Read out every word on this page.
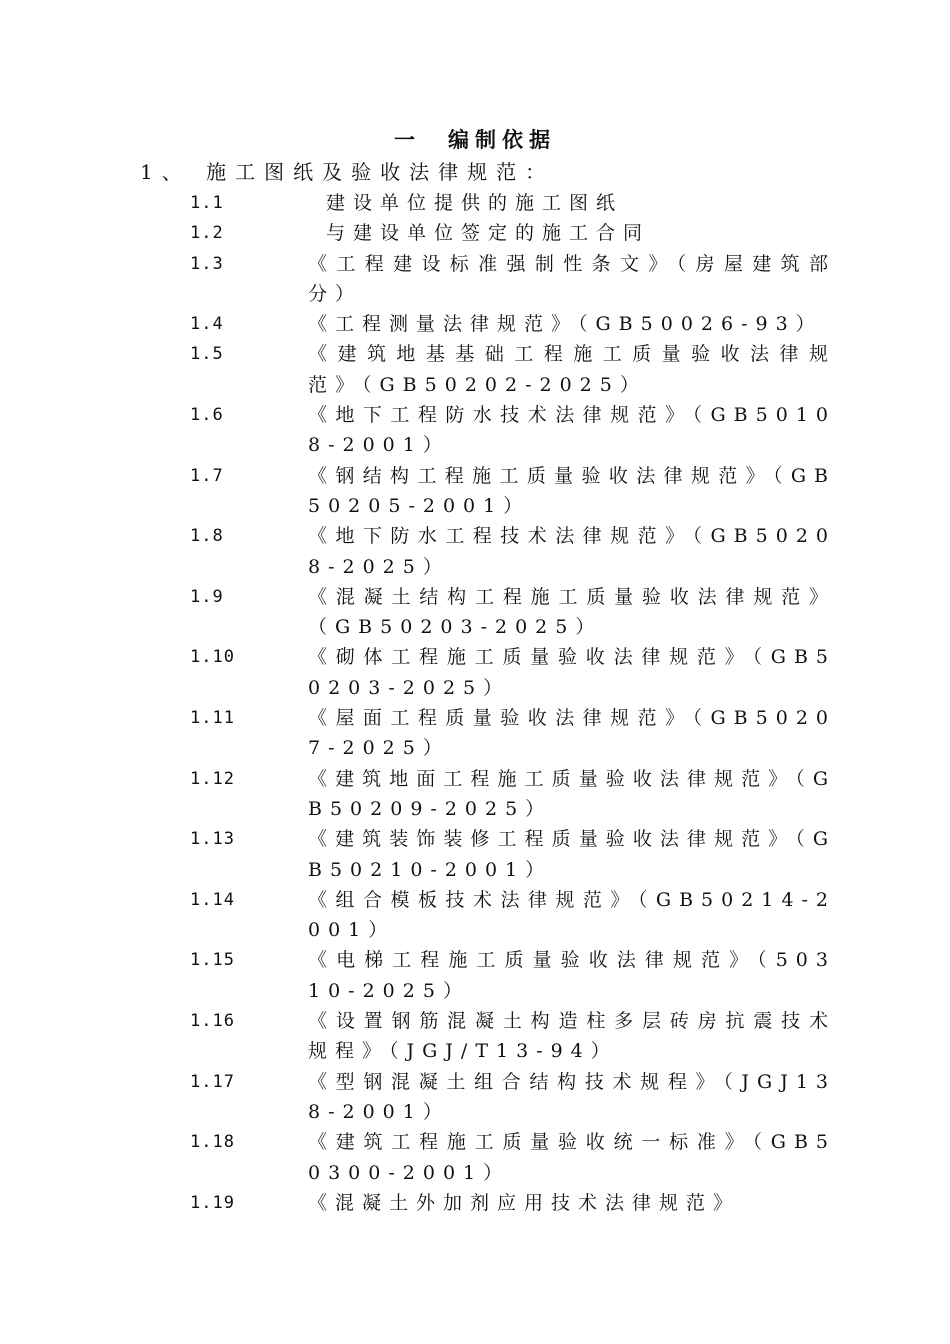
一　编制依据
1、 施工图纸及验收法律规范：
1.1	建设单位提供的施工图纸
1.2	与建设单位签定的施工合同
1.3	《工程建设标准强制性条文》（房屋建筑部分）
1.4	《工程测量法律规范》（GB50026-93）
1.5	《建筑地基基础工程施工质量验收法律规范》（GB50202-2025）
1.6	《地下工程防水技术法律规范》（GB50108-2001）
1.7	《钢结构工程施工质量验收法律规范》（GB50205-2001）
1.8	《地下防水工程技术法律规范》（GB50208-2025）
1.9	《混凝土结构工程施工质量验收法律规范》（GB50203-2025）
1.10	《砌体工程施工质量验收法律规范》（GB50203-2025）
1.11	《屋面工程质量验收法律规范》（GB50207-2025）
1.12	《建筑地面工程施工质量验收法律规范》（GB50209-2025）
1.13	《建筑装饰装修工程质量验收法律规范》（GB50210-2001）
1.14	《组合模板技术法律规范》（GB50214-2001）
1.15	《电梯工程施工质量验收法律规范》（50310-2025）
1.16	《设置钢筋混凝土构造柱多层砖房抗震技术规程》（JGJ/T13-94）
1.17	《型钢混凝土组合结构技术规程》（JGJ138-2001）
1.18	《建筑工程施工质量验收统一标准》（GB50300-2001）
1.19	《混凝土外加剂应用技术法律规范》
